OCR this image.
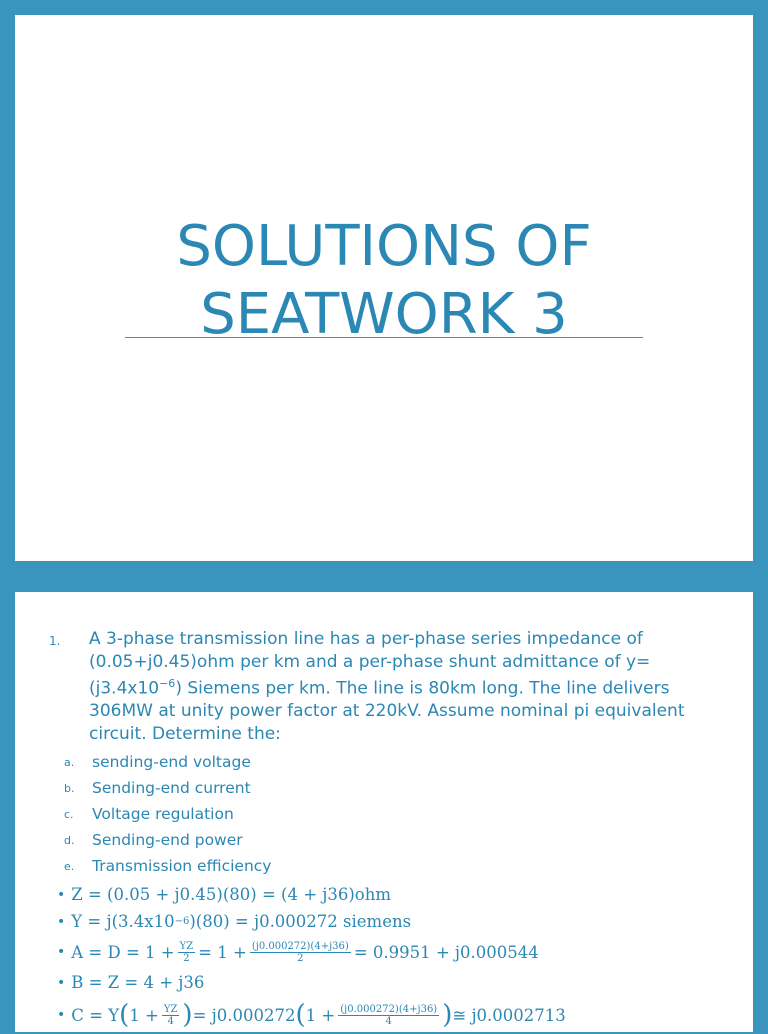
SOLUTIONS OF
SEATWORK 3
1.	A 3-phase transmission line has a per-phase series impedance of (0.05+j0.45)ohm per km and a per-phase shunt admittance of $y=(j3.4x10^{-6})$ Siemens per km. The line is 80km long. The line delivers 306MW at unity power factor at 220kV. Assume nominal pi equivalent circuit. Determine the:
a.	sending-end voltage
b.	Sending-end current
c.	Voltage regulation
d.	Sending-end power
e.	Transmission efficiency
• Z = (0.05 + j0.45)(80) = (4 + j36)ohm
• Y = j(3.4x10 −6 )(80) = j0.000272 siemens
• $A = D = 1 + \frac{YZ}{2} = 1 + \frac{(j0.000272)(4+j36)}{2} = 0.9951 + j0.000544$
• B = Z = 4 + j36
• C = Y ( $1 + \frac{YZ}{4}$ ) = j0.000272 ( $1 + \frac{(j0.000272)(4+j36)}{4}$ ) ≅ j0.0002713
